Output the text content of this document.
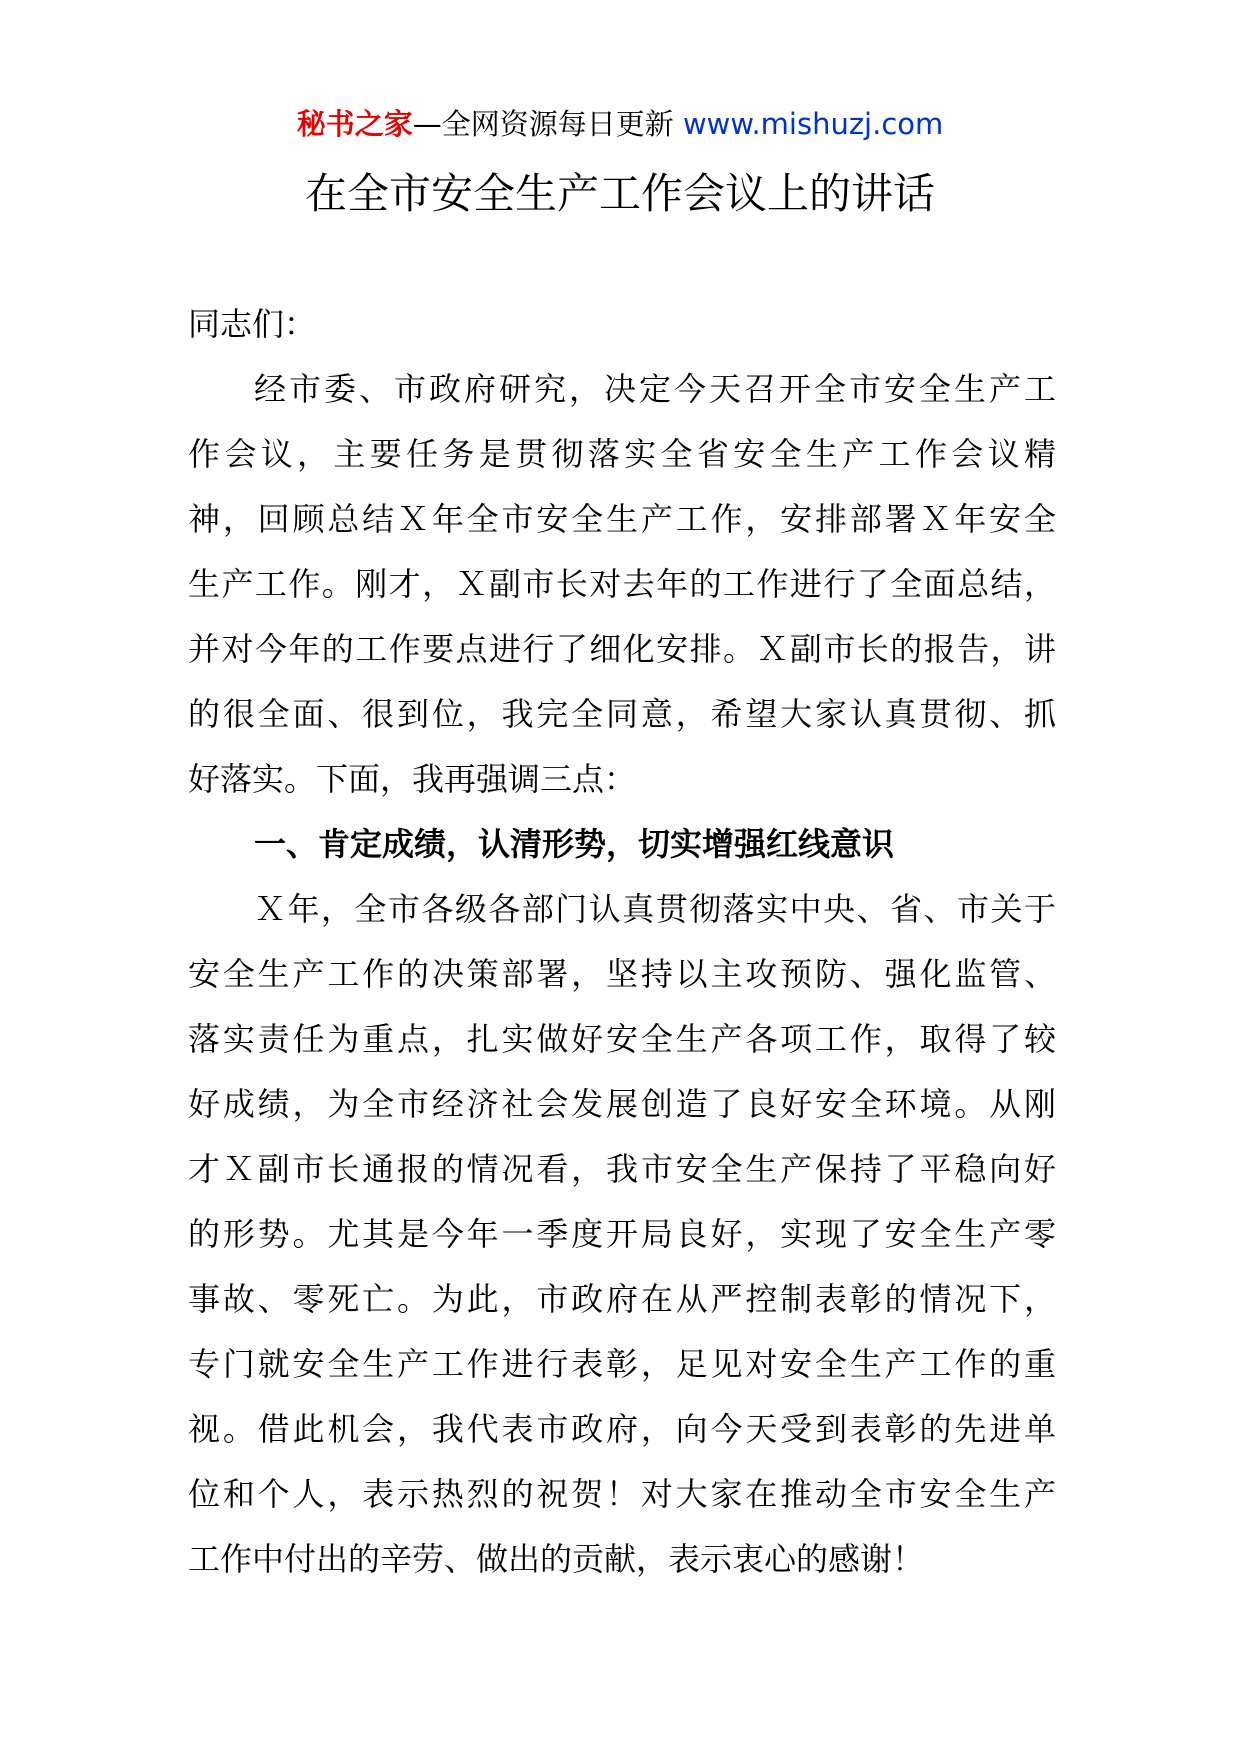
秘书之家—全网资源每日更新 www.mishuzj.com
在全市安全生产工作会议上的讲话
同志们：
经市委、市政府研究，决定今天召开全市安全生产工
作会议，主要任务是贯彻落实全省安全生产工作会议精
神，回顾总结Ｘ年全市安全生产工作，安排部署Ｘ年安全
生产工作。刚才，Ｘ副市长对去年的工作进行了全面总结，
并对今年的工作要点进行了细化安排。Ｘ副市长的报告，讲
的很全面、很到位，我完全同意，希望大家认真贯彻、抓
好落实。下面，我再强调三点：
一、肯定成绩，认清形势，切实增强红线意识
Ｘ年，全市各级各部门认真贯彻落实中央、省、市关于
安全生产工作的决策部署，坚持以主攻预防、强化监管、
落实责任为重点，扎实做好安全生产各项工作，取得了较
好成绩，为全市经济社会发展创造了良好安全环境。从刚
才Ｘ副市长通报的情况看，我市安全生产保持了平稳向好
的形势。尤其是今年一季度开局良好，实现了安全生产零
事故、零死亡。为此，市政府在从严控制表彰的情况下，
专门就安全生产工作进行表彰，足见对安全生产工作的重
视。借此机会，我代表市政府，向今天受到表彰的先进单
位和个人，表示热烈的祝贺！对大家在推动全市安全生产
工作中付出的辛劳、做出的贡献，表示衷心的感谢！
